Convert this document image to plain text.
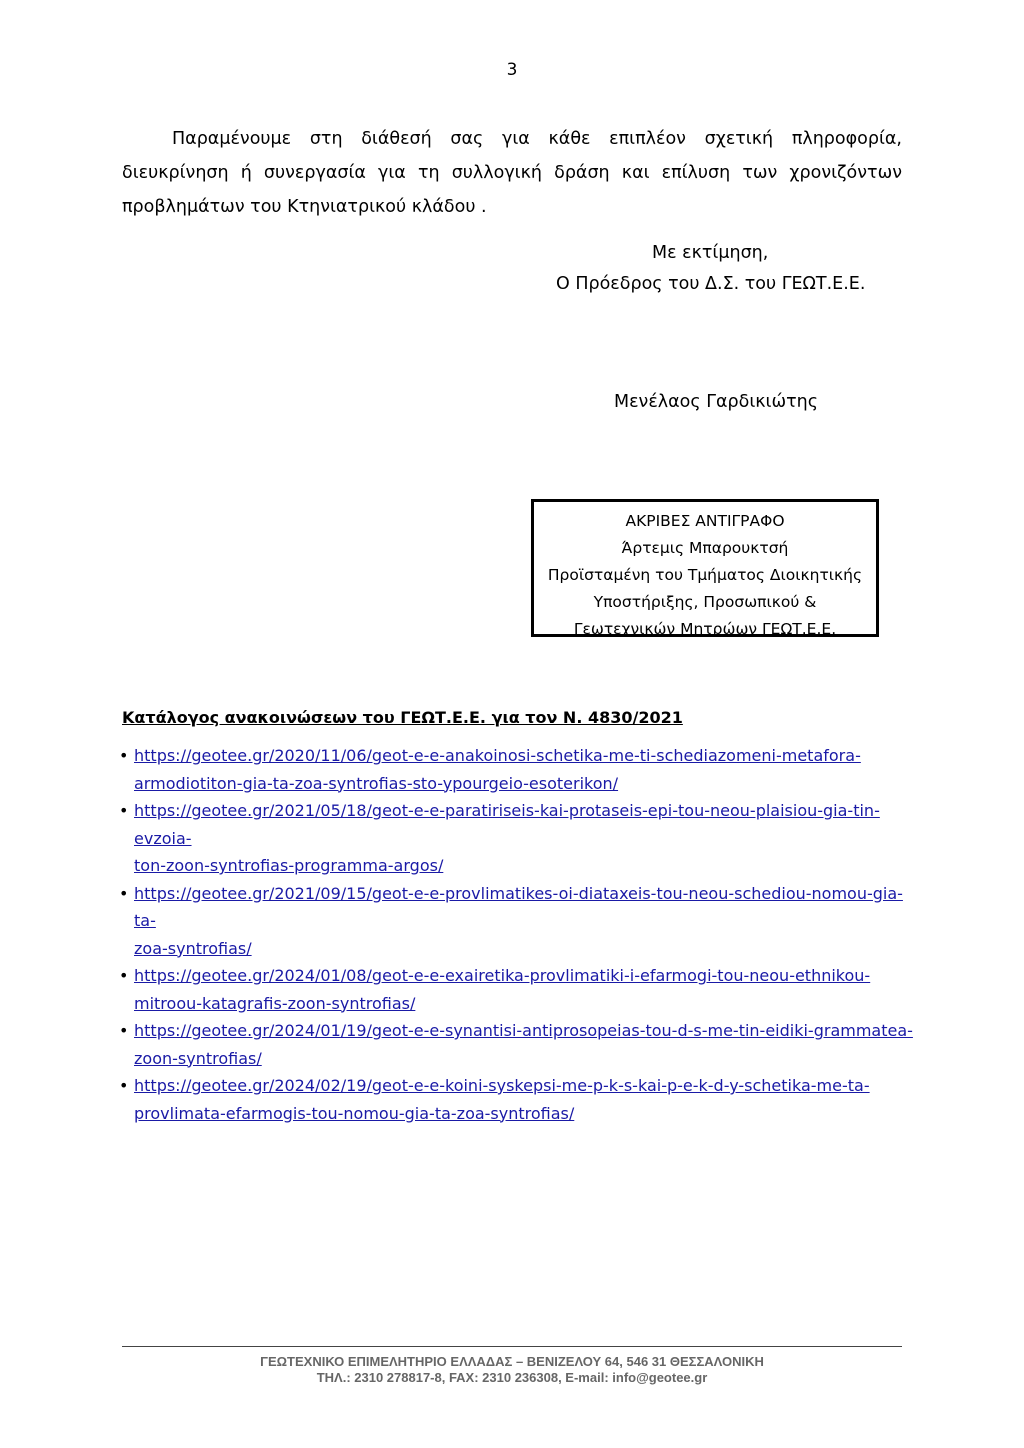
3

Παραμένουμε στη διάθεσή σας για κάθε επιπλέον σχετική πληροφορία, διευκρίνηση ή συνεργασία για τη συλλογική δράση και επίλυση των χρονιζόντων προβλημάτων του Κτηνιατρικού κλάδου .

Με εκτίμηση,
Ο Πρόεδρος του Δ.Σ. του ΓΕΩΤ.Ε.Ε.
Μενέλαος Γαρδικιώτης
ΑΚΡΙΒΕΣ ΑΝΤΙΓΡΑΦΟ
Άρτεμις Μπαρουκτσή
Προϊσταμένη του Τμήματος Διοικητικής
Υποστήριξης, Προσωπικού &
Γεωτεχνικών Μητρώων ΓΕΩΤ.Ε.Ε.
Κατάλογος ανακοινώσεων του ΓΕΩΤ.Ε.Ε. για τον Ν. 4830/2021
• https://geotee.gr/2020/11/06/geot-e-e-anakoinosi-schetika-me-ti-schediazomeni-metafora-
armodiotiton-gia-ta-zoa-syntrofias-sto-ypourgeio-esoterikon/
• https://geotee.gr/2021/05/18/geot-e-e-paratiriseis-kai-protaseis-epi-tou-neou-plaisiou-gia-tin-evzoia-
ton-zoon-syntrofias-programma-argos/
• https://geotee.gr/2021/09/15/geot-e-e-provlimatikes-oi-diataxeis-tou-neou-schediou-nomou-gia-ta-
zoa-syntrofias/
• https://geotee.gr/2024/01/08/geot-e-e-exairetika-provlimatiki-i-efarmogi-tou-neou-ethnikou-
mitroou-katagrafis-zoon-syntrofias/
• https://geotee.gr/2024/01/19/geot-e-e-synantisi-antiprosopeias-tou-d-s-me-tin-eidiki-grammatea-
zoon-syntrofias/
• https://geotee.gr/2024/02/19/geot-e-e-koini-syskepsi-me-p-k-s-kai-p-e-k-d-y-schetika-me-ta-
provlimata-efarmogis-tou-nomou-gia-ta-zoa-syntrofias/
ΓΕΩΤΕΧΝΙΚΟ ΕΠΙΜΕΛΗΤΗΡΙΟ ΕΛΛΑΔΑΣ – ΒΕΝΙΖΕΛΟΥ 64, 546 31 ΘΕΣΣΑΛΟΝΙΚΗ
ΤΗΛ.: 2310 278817-8, FAX: 2310 236308, E-mail: info@geotee.gr
